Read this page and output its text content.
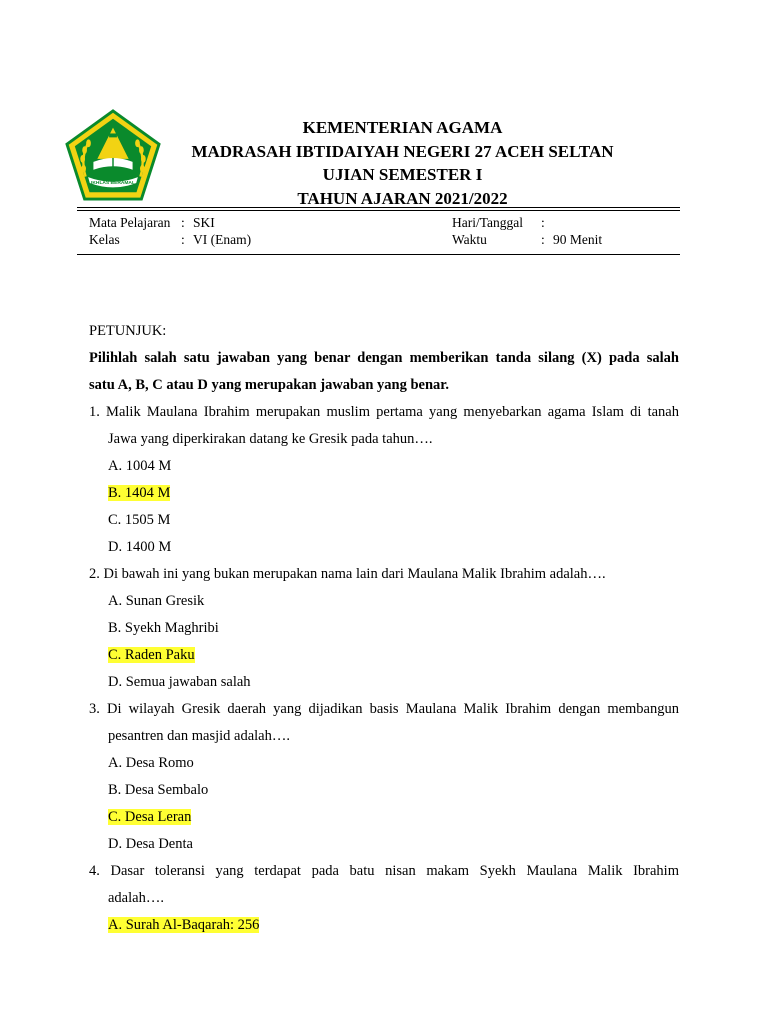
IKHLAS BERAMAL
KEMENTERIAN AGAMA
MADRASAH IBTIDAIYAH NEGERI 27 ACEH SELTAN
UJIAN SEMESTER I
TAHUN AJARAN 2021/2022
Mata Pelajaran : SKI
Kelas	: VI (Enam)
Hari/Tanggal :
Waktu	: 90 Menit
PETUNJUK:
Pilihlah salah satu jawaban yang benar dengan memberikan tanda silang (X) pada salah
satu A, B, C atau D yang merupakan jawaban yang benar.
1. Malik Maulana Ibrahim merupakan muslim pertama yang menyebarkan agama Islam di tanah
Jawa yang diperkirakan datang ke Gresik pada tahun….
A. 1004 M
B. 1404 M
C. 1505 M
D. 1400 M
2. Di bawah ini yang bukan merupakan nama lain dari Maulana Malik Ibrahim adalah….
A. Sunan Gresik
B. Syekh Maghribi
C. Raden Paku
D. Semua jawaban salah
3. Di wilayah Gresik daerah yang dijadikan basis Maulana Malik Ibrahim dengan membangun
pesantren dan masjid adalah….
A. Desa Romo
B. Desa Sembalo
C. Desa Leran
D. Desa Denta
4. Dasar toleransi yang terdapat pada batu nisan makam Syekh Maulana Malik Ibrahim
adalah….
A. Surah Al-Baqarah: 256
